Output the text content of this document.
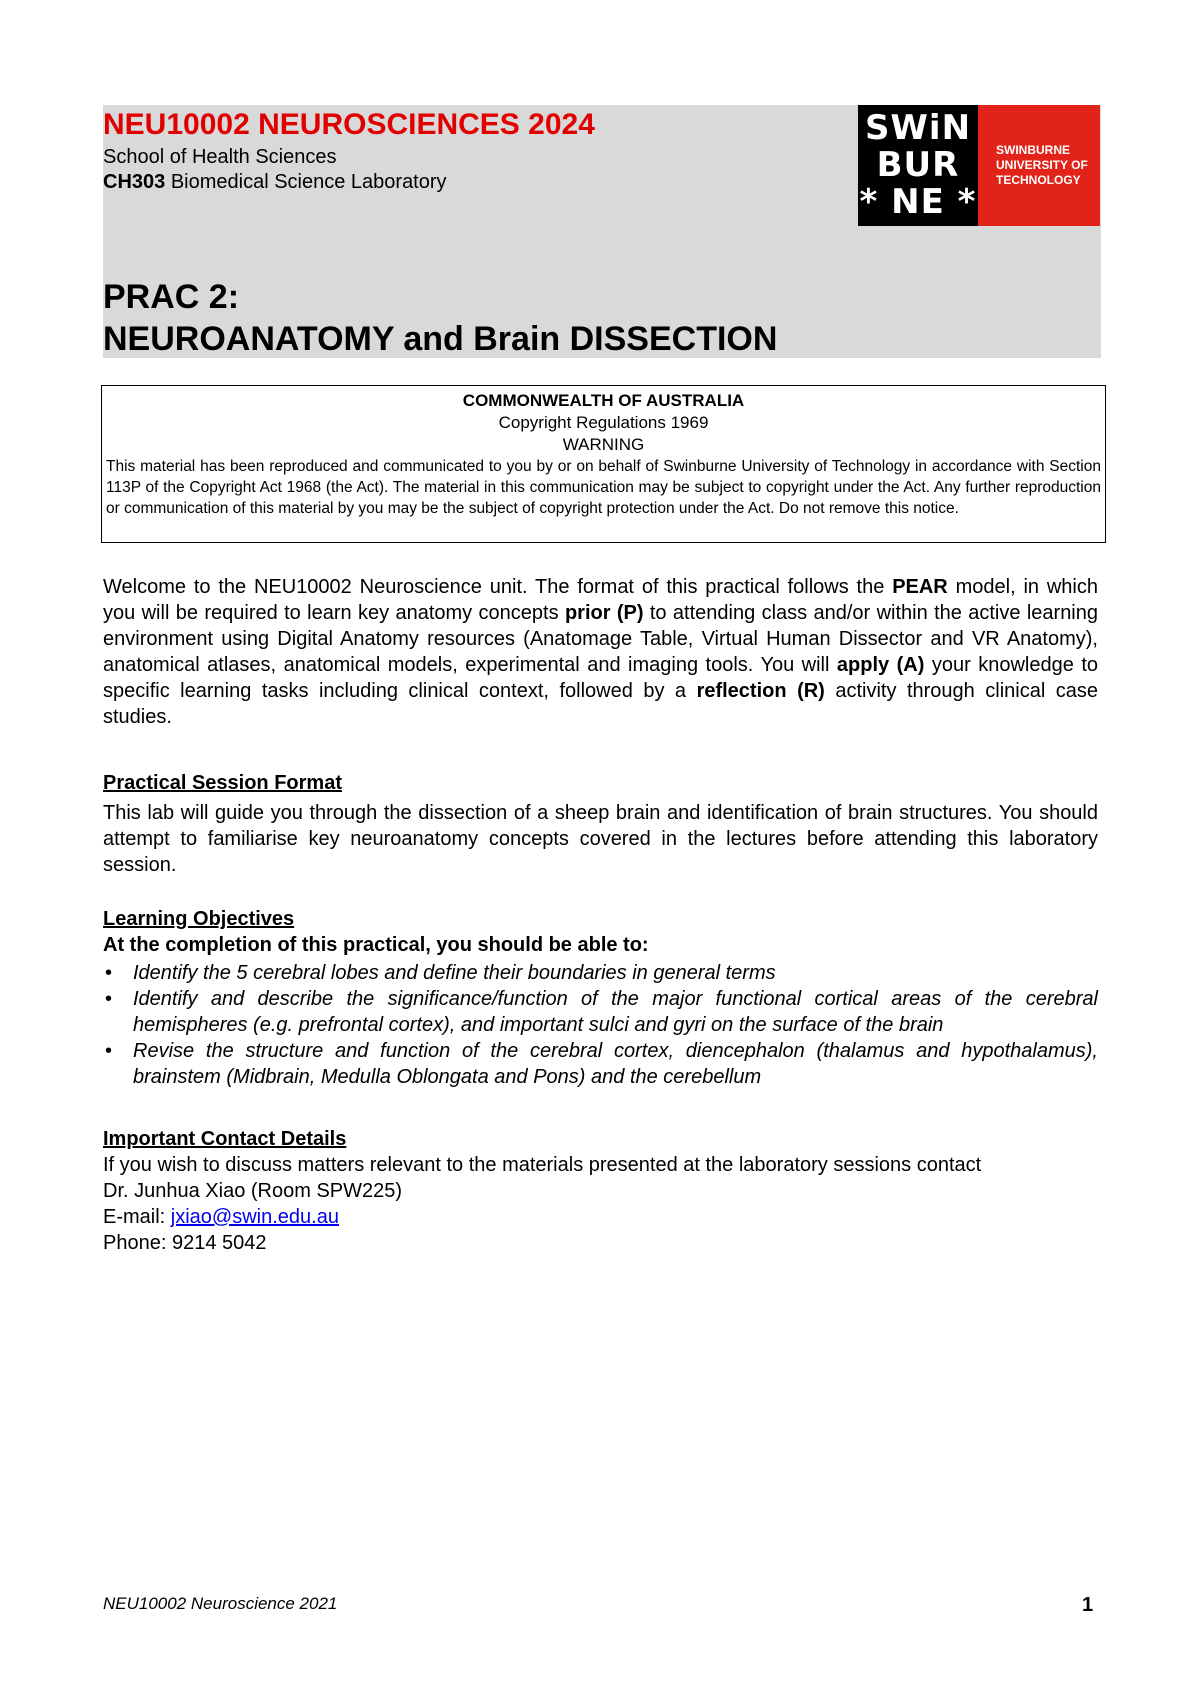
NEU10002 NEUROSCIENCES 2024

School of Health Sciences

CH303 Biomedical Science Laboratory

PRAC 2:
NEUROANATOMY and Brain DISSECTION
SWiN
BUR
* NE *
SWINBURNE
UNIVERSITY OF
TECHNOLOGY
COMMONWEALTH OF AUSTRALIA
Copyright Regulations 1969
WARNING
This material has been reproduced and communicated to you by or on behalf of Swinburne University of Technology in accordance with Section 113P of the Copyright Act 1968 (the Act). The material in this communication may be subject to copyright under the Act. Any further reproduction or communication of this material by you may be the subject of copyright protection under the Act. Do not remove this notice.

Welcome to the NEU10002 Neuroscience unit. The format of this practical follows the PEAR model, in which you will be required to learn key anatomy concepts prior (P) to attending class and/or within the active learning environment using Digital Anatomy resources (Anatomage Table, Virtual Human Dissector and VR Anatomy), anatomical atlases, anatomical models, experimental and imaging tools. You will apply (A) your knowledge to specific learning tasks including clinical context, followed by a reflection (R) activity through clinical case studies.

Practical Session Format

This lab will guide you through the dissection of a sheep brain and identification of brain structures. You should attempt to familiarise key neuroanatomy concepts covered in the lectures before attending this laboratory session.

Learning Objectives

At the completion of this practical, you should be able to:

• Identify the 5 cerebral lobes and define their boundaries in general terms
• Identify and describe the significance/function of the major functional cortical areas of the cerebral hemispheres (e.g. prefrontal cortex), and important sulci and gyri on the surface of the brain
• Revise the structure and function of the cerebral cortex, diencephalon (thalamus and hypothalamus), brainstem (Midbrain, Medulla Oblongata and Pons) and the cerebellum
Important Contact Details

If you wish to discuss matters relevant to the materials presented at the laboratory sessions contact

Dr. Junhua Xiao (Room SPW225)

E-mail: jxiao@swin.edu.au

Phone: 9214 5042

NEU10002 Neuroscience 2021	1
